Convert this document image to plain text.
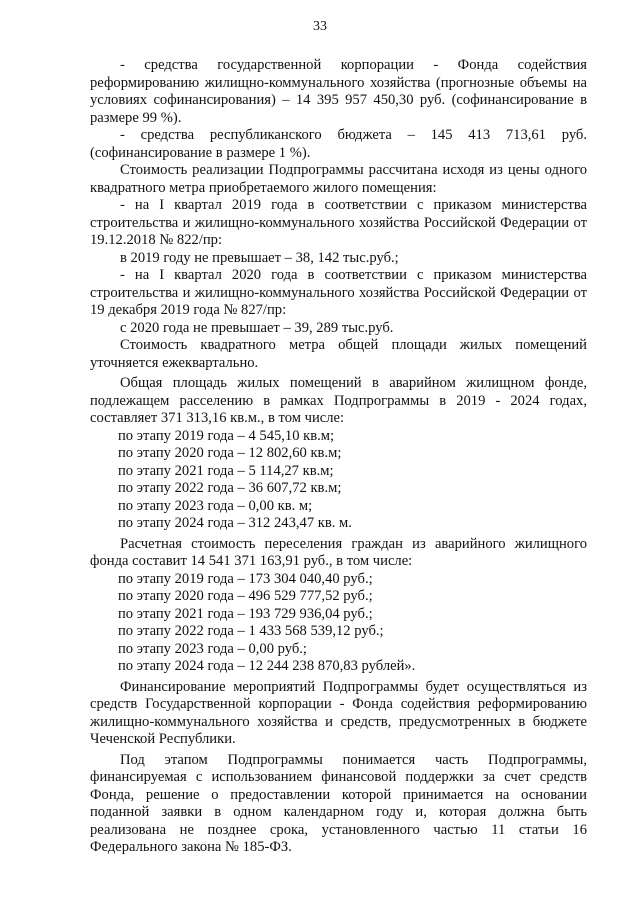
33

- средства государственной корпорации - Фонда содействия реформированию жилищно-коммунального хозяйства (прогнозные объемы на условиях софинансирования) – 14 395 957 450,30 руб. (софинансирование в размере 99 %).

- средства республиканского бюджета – 145 413 713,61 руб. (софинансирование в размере 1 %).

Стоимость реализации Подпрограммы рассчитана исходя из цены одного квадратного метра приобретаемого жилого помещения:

- на I квартал 2019 года в соответствии с приказом министерства строительства и жилищно-коммунального хозяйства Российской Федерации от 19.12.2018 № 822/пр:

в 2019 году не превышает – 38, 142 тыс.руб.;

- на I квартал 2020 года в соответствии с приказом министерства строительства и жилищно-коммунального хозяйства Российской Федерации от 19 декабря 2019 года № 827/пр:

с 2020 года не превышает – 39, 289 тыс.руб.

Стоимость квадратного метра общей площади жилых помещений уточняется ежеквартально.

Общая площадь жилых помещений в аварийном жилищном фонде, подлежащем расселению в рамках Подпрограммы в 2019 - 2024 годах, составляет 371 313,16 кв.м., в том числе:

по этапу 2019 года – 4 545,10 кв.м;

по этапу 2020 года – 12 802,60 кв.м;

по этапу 2021 года – 5 114,27 кв.м;

по этапу 2022 года – 36 607,72 кв.м;

по этапу 2023 года – 0,00 кв. м;

по этапу 2024 года – 312 243,47 кв. м.

Расчетная стоимость переселения граждан из аварийного жилищного фонда составит 14 541 371 163,91 руб., в том числе:

по этапу 2019 года – 173 304 040,40 руб.;

по этапу 2020 года – 496 529 777,52 руб.;

по этапу 2021 года – 193 729 936,04 руб.;

по этапу 2022 года – 1 433 568 539,12 руб.;

по этапу 2023 года – 0,00 руб.;

по этапу 2024 года – 12 244 238 870,83 рублей».

Финансирование мероприятий Подпрограммы будет осуществляться из средств Государственной корпорации - Фонда содействия реформированию жилищно-коммунального хозяйства и средств, предусмотренных в бюджете Чеченской Республики.

Под этапом Подпрограммы понимается часть Подпрограммы, финансируемая с использованием финансовой поддержки за счет средств Фонда, решение о предоставлении которой принимается на основании поданной заявки в одном календарном году и, которая должна быть реализована не позднее срока, установленного частью 11 статьи 16 Федерального закона № 185-ФЗ.
